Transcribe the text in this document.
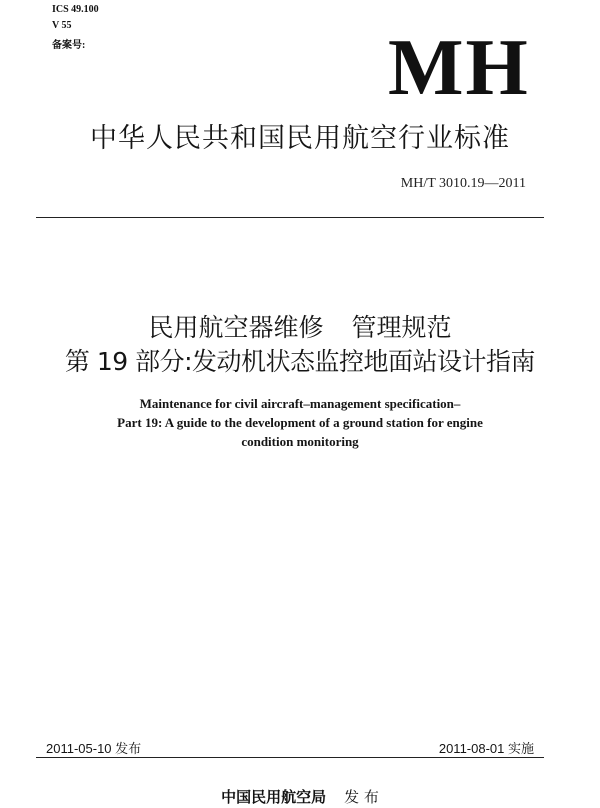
ICS 49.100
V 55
备案号:	MH
中华人民共和国民用航空行业标准
MH/T 3010.19—2011
民用航空器维修 管理规范
第 19 部分:发动机状态监控地面站设计指南
Maintenance for civil aircraft–management specification–
Part 19: A guide to the development of a ground station for engine
condition monitoring
2011-05-10 发布	2011-08-01 实施
中国民用航空局 发 布
